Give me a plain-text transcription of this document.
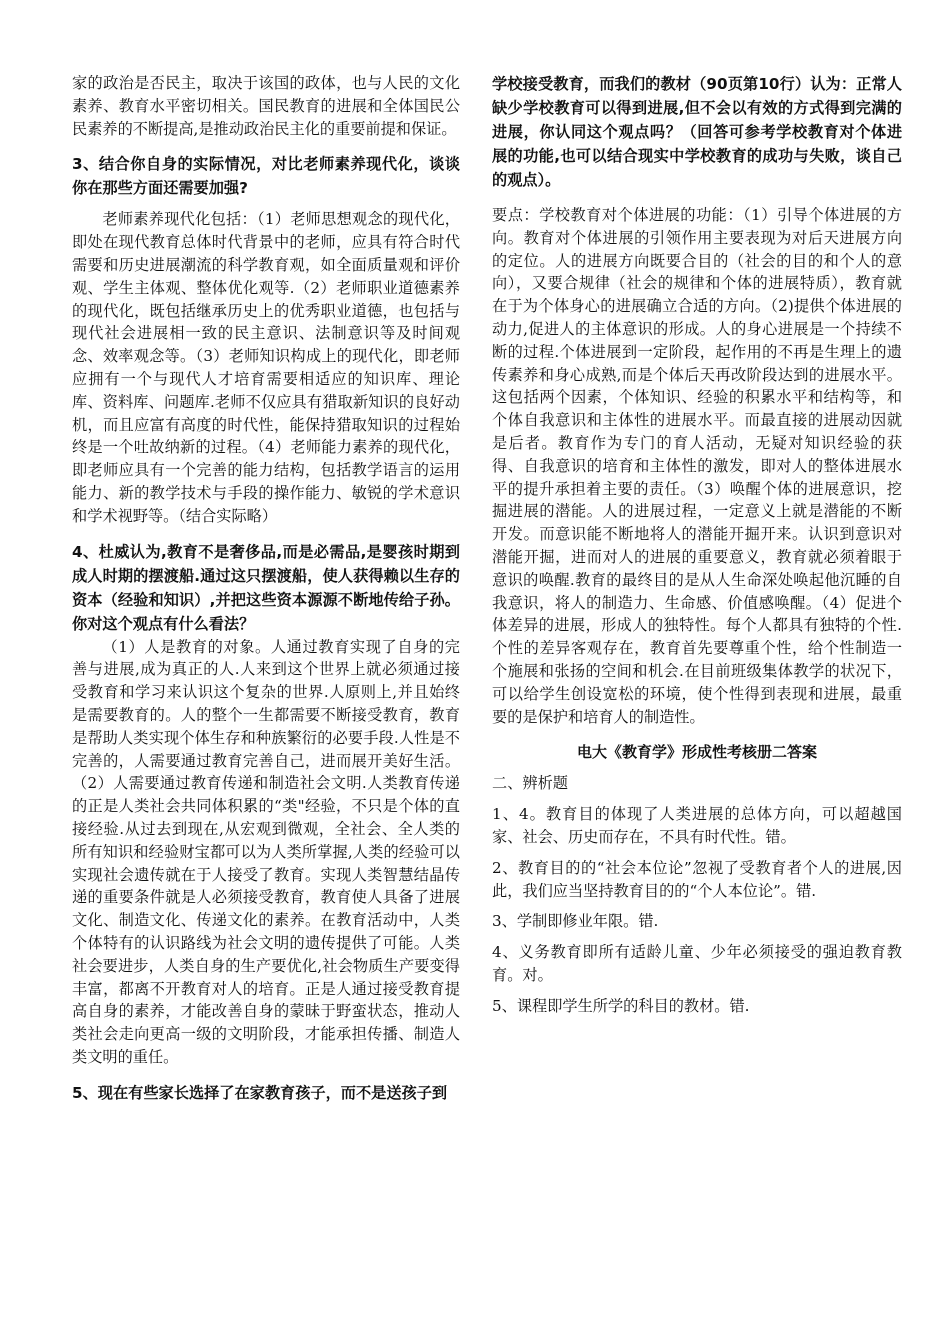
家的政治是否民主，取决于该国的政体，也与人民的文化素养、教育水平密切相关。国民教育的进展和全体国民公民素养的不断提高,是推动政治民主化的重要前提和保证。

3、结合你自身的实际情况，对比老师素养现代化，谈谈你在那些方面还需要加强?

老师素养现代化包括：（1）老师思想观念的现代化，即处在现代教育总体时代背景中的老师，应具有符合时代需要和历史进展潮流的科学教育观，如全面质量观和评价观、学生主体观、整体优化观等.（2）老师职业道德素养的现代化，既包括继承历史上的优秀职业道德，也包括与现代社会进展相一致的民主意识、法制意识等及时间观念、效率观念等。（3）老师知识构成上的现代化，即老师应拥有一个与现代人才培育需要相适应的知识库、理论库、资料库、问题库.老师不仅应具有猎取新知识的良好动机，而且应富有高度的时代性，能保持猎取知识的过程始终是一个吐故纳新的过程。（4）老师能力素养的现代化，即老师应具有一个完善的能力结构，包括教学语言的运用能力、新的教学技术与手段的操作能力、敏锐的学术意识和学术视野等。（结合实际略）

4、杜威认为,教育不是奢侈品,而是必需品,是婴孩时期到成人时期的摆渡船.通过这只摆渡船，使人获得赖以生存的资本（经验和知识）,并把这些资本源源不断地传给子孙。你对这个观点有什么看法？

（1）人是教育的对象。人通过教育实现了自身的完善与进展,成为真正的人.人来到这个世界上就必须通过接受教育和学习来认识这个复杂的世界.人原则上,并且始终是需要教育的。人的整个一生都需要不断接受教育，教育是帮助人类实现个体生存和种族繁衍的必要手段.人性是不完善的，人需要通过教育完善自己，进而展开美好生活。（2）人需要通过教育传递和制造社会文明.人类教育传递的正是人类社会共同体积累的“类"经验，不只是个体的直接经验.从过去到现在,从宏观到微观，全社会、全人类的所有知识和经验财宝都可以为人类所掌握,人类的经验可以实现社会遗传就在于人接受了教育。实现人类智慧结晶传递的重要条件就是人必须接受教育，教育使人具备了进展文化、制造文化、传递文化的素养。在教育活动中，人类个体特有的认识路线为社会文明的遗传提供了可能。人类社会要进步，人类自身的生产要优化,社会物质生产要变得丰富，都离不开教育对人的培育。正是人通过接受教育提高自身的素养，才能改善自身的蒙昧于野蛮状态，推动人类社会走向更高一级的文明阶段，才能承担传播、制造人类文明的重任。

5、现在有些家长选择了在家教育孩子，而不是送孩子到

学校接受教育，而我们的教材（90页第10行）认为：正常人缺少学校教育可以得到进展,但不会以有效的方式得到完满的进展，你认同这个观点吗？（回答可参考学校教育对个体进展的功能,也可以结合现实中学校教育的成功与失败，谈自己的观点）。

要点：学校教育对个体进展的功能：（1）引导个体进展的方向。教育对个体进展的引领作用主要表现为对后天进展方向的定位。人的进展方向既要合目的（社会的目的和个人的意向），又要合规律（社会的规律和个体的进展特质），教育就在于为个体身心的进展确立合适的方向。（2)提供个体进展的动力,促进人的主体意识的形成。人的身心进展是一个持续不断的过程.个体进展到一定阶段，起作用的不再是生理上的遗传素养和身心成熟,而是个体后天再改阶段达到的进展水平。这包括两个因素，个体知识、经验的积累水平和结构等，和个体自我意识和主体性的进展水平。而最直接的进展动因就是后者。教育作为专门的育人活动，无疑对知识经验的获得、自我意识的培育和主体性的激发，即对人的整体进展水平的提升承担着主要的责任。（3）唤醒个体的进展意识，挖掘进展的潜能。人的进展过程，一定意义上就是潜能的不断开发。而意识能不断地将人的潜能开掘开来。认识到意识对潜能开掘，进而对人的进展的重要意义，教育就必须着眼于意识的唤醒.教育的最终目的是从人生命深处唤起他沉睡的自我意识，将人的制造力、生命感、价值感唤醒。（4）促进个体差异的进展，形成人的独特性。每个人都具有独特的个性.个性的差异客观存在，教育首先要尊重个性，给个性制造一个施展和张扬的空间和机会.在目前班级集体教学的状况下，可以给学生创设宽松的环境，使个性得到表现和进展，最重要的是保护和培育人的制造性。

电大《教育学》形成性考核册二答案

二、辨析题

1、4。教育目的体现了人类进展的总体方向，可以超越国家、社会、历史而存在，不具有时代性。错。

2、教育目的的“社会本位论”忽视了受教育者个人的进展,因此，我们应当坚持教育目的的“个人本位论”。错.

3、学制即修业年限。错.

4、义务教育即所有适龄儿童、少年必须接受的强迫教育教育。对。

5、课程即学生所学的科目的教材。错.
